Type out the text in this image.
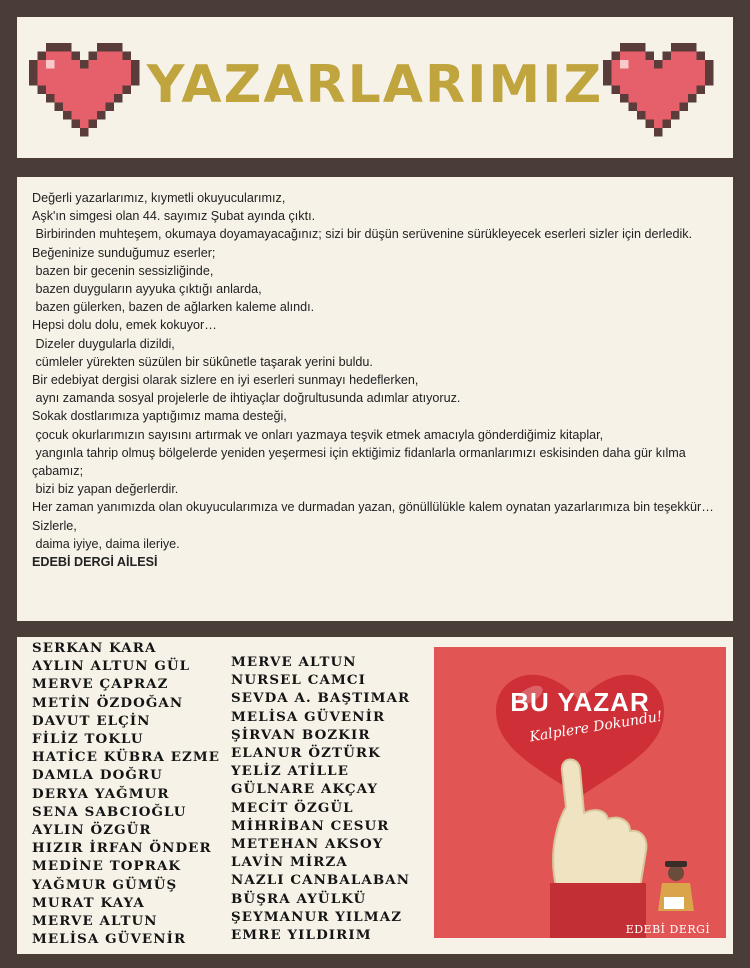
YAZARLARIMIZ
Değerli yazarlarımız, kıymetli okuyucularımız,
Aşk'ın simgesi olan 44. sayımız Şubat ayında çıktı.
Birbirinden muhteşem, okumaya doyamayacağınız; sizi bir düşün serüvenine sürükleyecek eserleri sizler için derledik.
Beğeninize sunduğumuz eserler;
bazen bir gecenin sessizliğinde,
bazen duyguların ayyuka çıktığı anlarda,
bazen gülerken, bazen de ağlarken kaleme alındı.
Hepsi dolu dolu, emek kokuyor…
Dizeler duygularla dizildi,
cümleler yürekten süzülen bir sükûnetle taşarak yerini buldu.
Bir edebiyat dergisi olarak sizlere en iyi eserleri sunmayı hedeflerken,
aynı zamanda sosyal projelerle de ihtiyaçlar doğrultusunda adımlar atıyoruz.
Sokak dostlarımıza yaptığımız mama desteği,
çocuk okurlarımızın sayısını artırmak ve onları yazmaya teşvik etmek amacıyla gönderdiğimiz kitaplar,
yangınla tahrip olmuş bölgelerde yeniden yeşermesi için ektiğimiz fidanlarla ormanlarımızı eskisinden daha gür kılma çabamız;
bizi biz yapan değerlerdir.
Her zaman yanımızda olan okuyucularımıza ve durmadan yazan, gönüllülükle kalem oynatan yazarlarımıza bin teşekkür…
Sizlerle,
daima iyiye, daima ileriye.
EDEBİ DERGİ AİLESİ
SERKAN KARA
AYLIN ALTUN GÜL
MERVE ÇAPRAZ
METİN ÖZDOĞAN
DAVUT ELÇİN
FİLİZ TOKLU
HATİCE KÜBRA EZME
DAMLA DOĞRU
DERYA YAĞMUR
SENA SABCIOĞLU
AYLIN ÖZGÜR
HIZIR İRFAN ÖNDER
MEDİNE TOPRAK
YAĞMUR GÜMÜŞ
MURAT KAYA
MERVE ALTUN
MELİSA GÜVENİR
MERVE ALTUN
NURSEL CAMCI
SEVDA A. BAŞTIMAR
MELİSA GÜVENİR
ŞİRVAN BOZKIR
ELANUR ÖZTÜRK
YELİZ ATİLLE
GÜLNARE AKÇAY
MECİT ÖZGÜL
MİHRİBAN CESUR
METEHAN AKSOY
LAVİN MİRZA
NAZLI CANBALABAN
BÜŞRA AYÜLKÜ
ŞEYMANUR YILMAZ
EMRE YILDIRIM
BU YAZAR
Kalplere Dokundu!
EDEBİ DERGİ
